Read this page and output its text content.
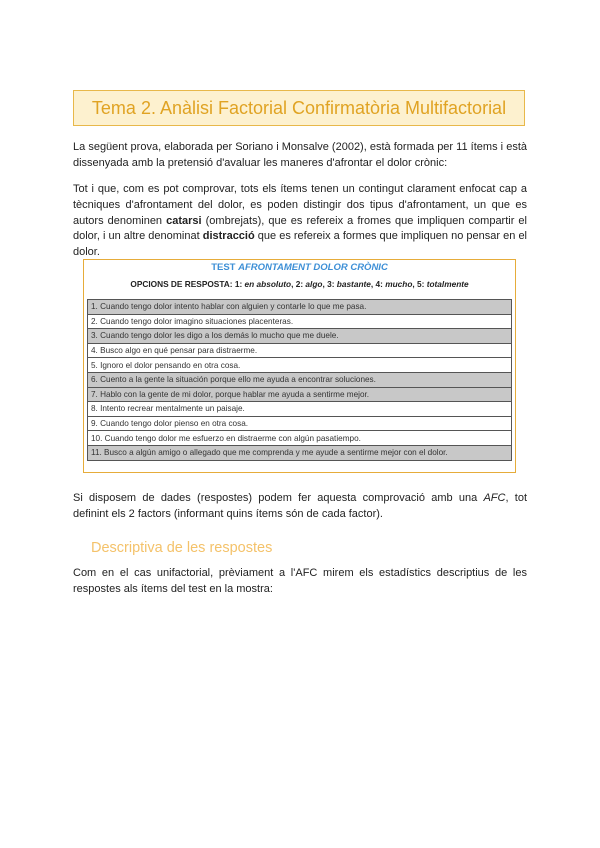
Tema 2. Anàlisi Factorial Confirmatòria Multifactorial

La següent prova, elaborada per Soriano i Monsalve (2002), està formada per 11 ítems i està dissenyada amb la pretensió d'avaluar les maneres d'afrontar el dolor crònic:

Tot i que, com es pot comprovar, tots els ítems tenen un contingut clarament enfocat cap a tècniques d'afrontament del dolor, es poden distingir dos tipus d'afrontament, un que es autors denominen catarsi (ombrejats), que es refereix a fromes que impliquen compartir el dolor, i un altre denominat distracció que es refereix a formes que impliquen no pensar en el dolor.

TEST AFRONTAMENT DOLOR CRÒNIC
OPCIONS DE RESPOSTA: 1: en absoluto, 2: algo, 3: bastante, 4: mucho, 5: totalmente
1. Cuando tengo dolor intento hablar con alguien y contarle lo que me pasa.
2. Cuando tengo dolor imagino situaciones placenteras.
3. Cuando tengo dolor les digo a los demás lo mucho que me duele.
4. Busco algo en qué pensar para distraerme.
5. Ignoro el dolor pensando en otra cosa.
6. Cuento a la gente la situación porque ello me ayuda a encontrar soluciones.
7. Hablo con la gente de mi dolor, porque hablar me ayuda a sentirme mejor.
8. Intento recrear mentalmente un paisaje.
9. Cuando tengo dolor pienso en otra cosa.
10. Cuando tengo dolor me esfuerzo en distraerme con algún pasatiempo.
11. Busco a algún amigo o allegado que me comprenda y me ayude a sentirme mejor con el dolor.

Si disposem de dades (respostes) podem fer aquesta comprovació amb una AFC, tot definint els 2 factors (informant quins ítems són de cada factor).

Descriptiva de les respostes

Com en el cas unifactorial, prèviament a l'AFC mirem els estadístics descriptius de les respostes als ítems del test en la mostra:
